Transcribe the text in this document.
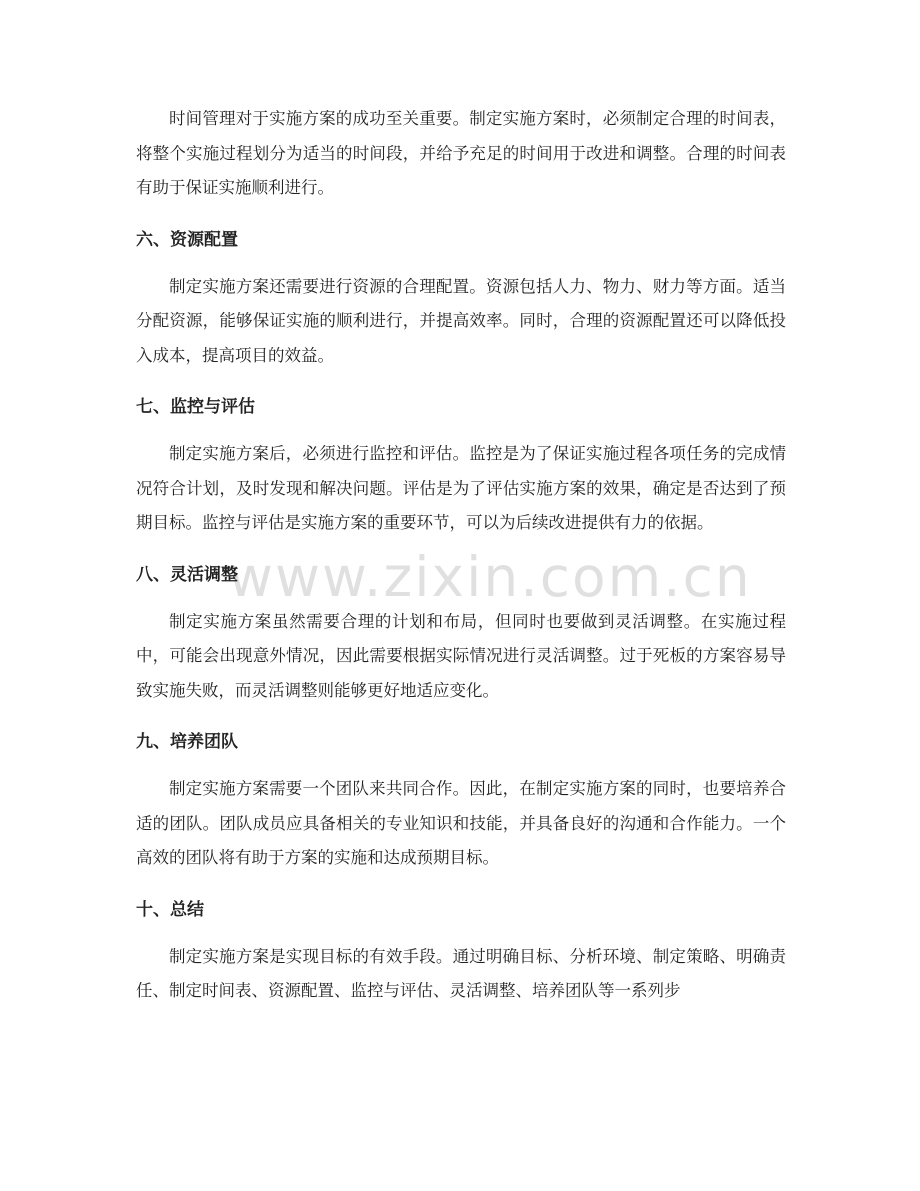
时间管理对于实施方案的成功至关重要。制定实施方案时，必须制定合理的时间表，将整个实施过程划分为适当的时间段，并给予充足的时间用于改进和调整。合理的时间表有助于保证实施顺利进行。

六、资源配置

制定实施方案还需要进行资源的合理配置。资源包括人力、物力、财力等方面。适当分配资源，能够保证实施的顺利进行，并提高效率。同时，合理的资源配置还可以降低投入成本，提高项目的效益。

七、监控与评估

制定实施方案后，必须进行监控和评估。监控是为了保证实施过程各项任务的完成情况符合计划，及时发现和解决问题。评估是为了评估实施方案的效果，确定是否达到了预期目标。监控与评估是实施方案的重要环节，可以为后续改进提供有力的依据。

八、灵活调整

制定实施方案虽然需要合理的计划和布局，但同时也要做到灵活调整。在实施过程中，可能会出现意外情况，因此需要根据实际情况进行灵活调整。过于死板的方案容易导致实施失败，而灵活调整则能够更好地适应变化。

九、培养团队

制定实施方案需要一个团队来共同合作。因此，在制定实施方案的同时，也要培养合适的团队。团队成员应具备相关的专业知识和技能，并具备良好的沟通和合作能力。一个高效的团队将有助于方案的实施和达成预期目标。

十、总结

制定实施方案是实现目标的有效手段。通过明确目标、分析环境、制定策略、明确责任、制定时间表、资源配置、监控与评估、灵活调整、培养团队等一系列步

www.zixin.com.cn
